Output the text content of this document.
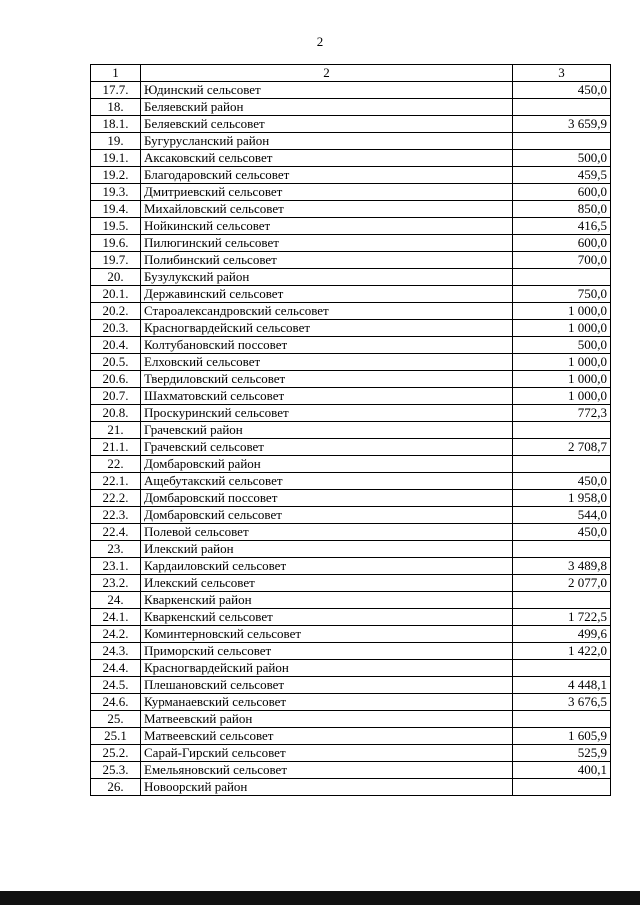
2
1	2	3
17.7.	Юдинский сельсовет	450,0
18.	Беляевский район	
18.1.	Беляевский сельсовет	3 659,9
19.	Бугурусланский район	
19.1.	Аксаковский сельсовет	500,0
19.2.	Благодаровский сельсовет	459,5
19.3.	Дмитриевский сельсовет	600,0
19.4.	Михайловский сельсовет	850,0
19.5.	Нойкинский сельсовет	416,5
19.6.	Пилюгинский сельсовет	600,0
19.7.	Полибинский сельсовет	700,0
20.	Бузулукский район	
20.1.	Державинский сельсовет	750,0
20.2.	Староалександровский сельсовет	1 000,0
20.3.	Красногвардейский сельсовет	1 000,0
20.4.	Колтубановский поссовет	500,0
20.5.	Елховский сельсовет	1 000,0
20.6.	Твердиловский сельсовет	1 000,0
20.7.	Шахматовский сельсовет	1 000,0
20.8.	Проскуринский сельсовет	772,3
21.	Грачевский район	
21.1.	Грачевский сельсовет	2 708,7
22.	Домбаровский район	
22.1.	Ащебутакский сельсовет	450,0
22.2.	Домбаровский поссовет	1 958,0
22.3.	Домбаровский сельсовет	544,0
22.4.	Полевой сельсовет	450,0
23.	Илекский район	
23.1.	Кардаиловский сельсовет	3 489,8
23.2.	Илекский сельсовет	2 077,0
24.	Кваркенский район	
24.1.	Кваркенский сельсовет	1 722,5
24.2.	Коминтерновский сельсовет	499,6
24.3.	Приморский сельсовет	1 422,0
24.4.	Красногвардейский район	
24.5.	Плешановский сельсовет	4 448,1
24.6.	Курманаевский сельсовет	3 676,5
25.	Матвеевский район	
25.1	Матвеевский сельсовет	1 605,9
25.2.	Сарай-Гирский сельсовет	525,9
25.3.	Емельяновский сельсовет	400,1
26.	Новоорский район	
